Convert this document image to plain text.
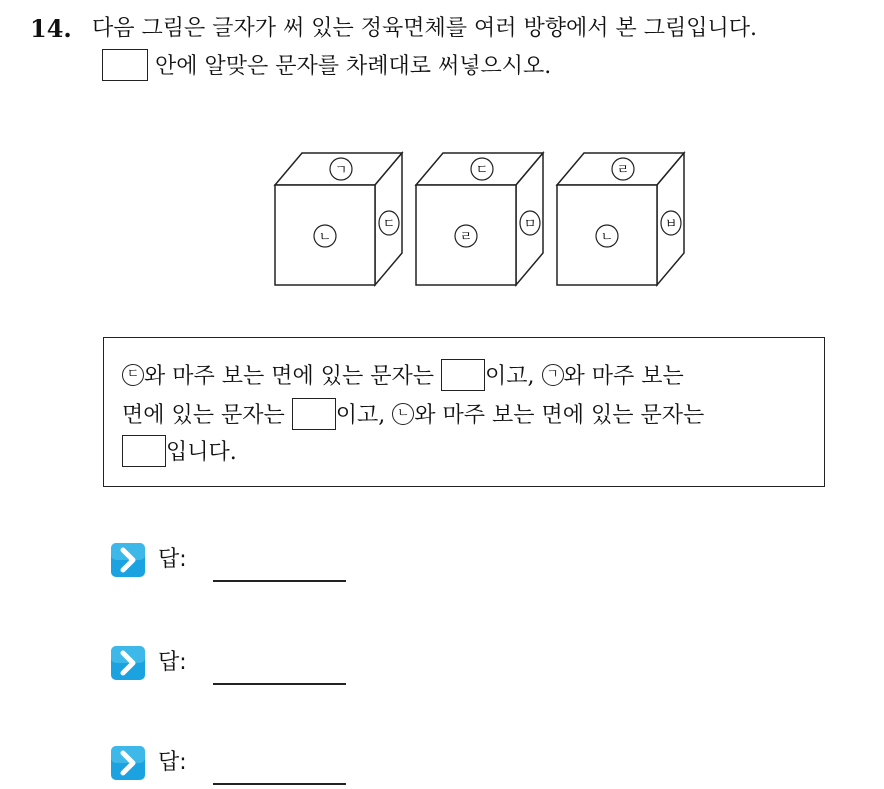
14. 다음 그림은 글자가 써 있는 정육면체를 여러 방향에서 본 그림입니다.
안에 알맞은 문자를 차례대로 써넣으시오.
ㄱ
ㄴ
ㄷ
ㄷ
ㄹ
ㅁ
ㄹ
ㄴ
ㅂ
ㄷ 와 마주 보는 면에 있는 문자는 이고, ㄱ 와 마주 보는
면에 있는 문자는 이고, ㄴ 와 마주 보는 면에 있는 문자는
입니다.
답:
답:
답:
